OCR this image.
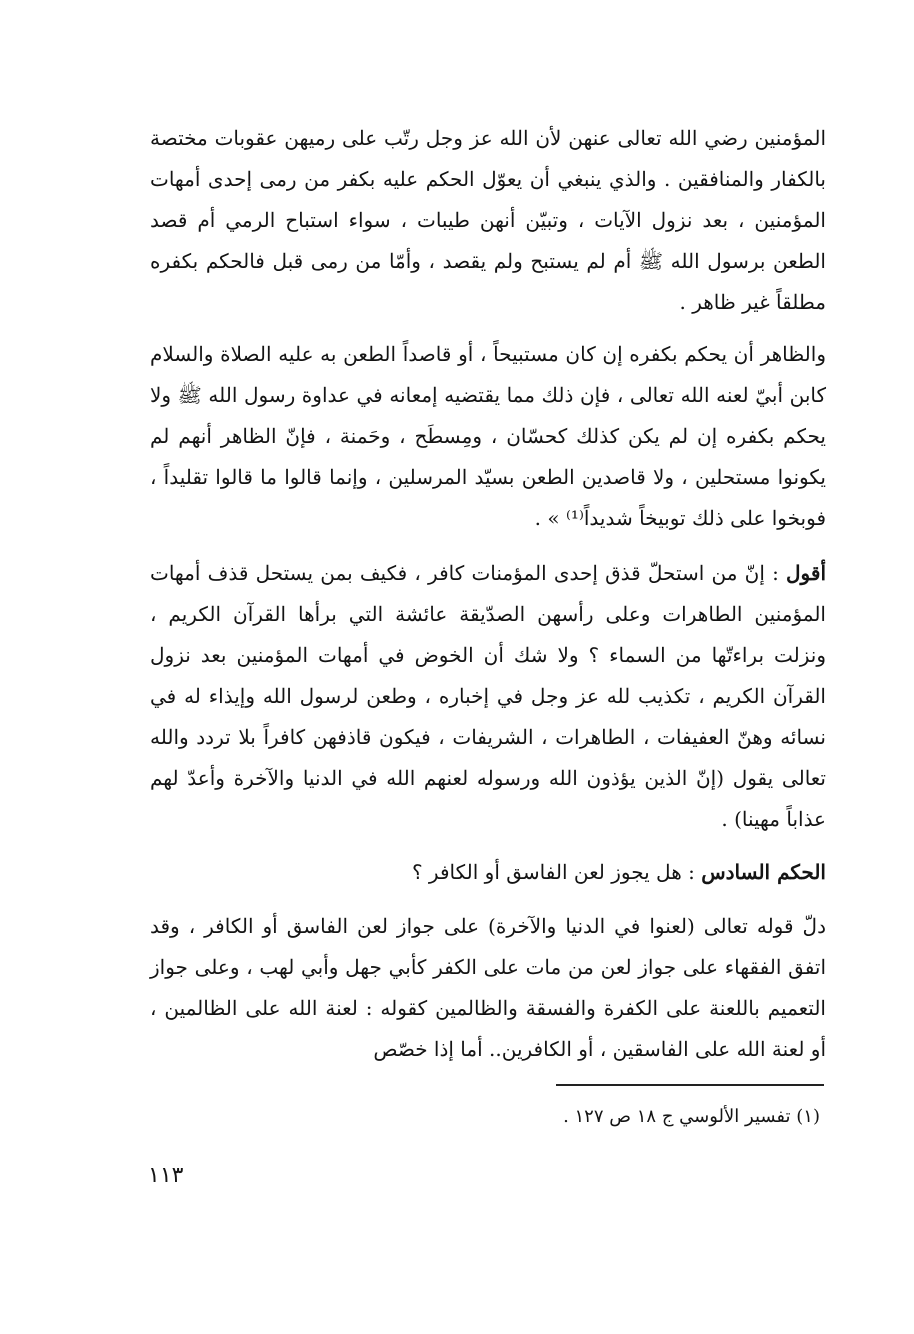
المؤمنين رضي الله تعالى عنهن لأن الله عز وجل رتّب على رميهن عقوبات مختصة بالكفار والمنافقين . والذي ينبغي أن يعوّل الحكم عليه بكفر من رمى إحدى أمهات المؤمنين ، بعد نزول الآيات ، وتبيّن أنهن طيبات ، سواء استباح الرمي أم قصد الطعن برسول الله ﷺ أم لم يستبح ولم يقصد ، وأمّا من رمى قبل فالحكم بكفره مطلقاً غير ظاهر .

والظاهر أن يحكم بكفره إن كان مستبيحاً ، أو قاصداً الطعن به عليه الصلاة والسلام كابن أبيّ لعنه الله تعالى ، فإن ذلك مما يقتضيه إمعانه في عداوة رسول الله ﷺ ولا يحكم بكفره إن لم يكن كذلك كحسّان ، ومِسطَح ، وحَمنة ، فإنّ الظاهر أنهم لم يكونوا مستحلين ، ولا قاصدين الطعن بسيّد المرسلين ، وإنما قالوا ما قالوا تقليداً ، فوبخوا على ذلك توبيخاً شديداً⁽¹⁾ » .

أقول : إنّ من استحلّ قذق إحدى المؤمنات كافر ، فكيف بمن يستحل قذف أمهات المؤمنين الطاهرات وعلى رأسهن الصدّيقة عائشة التي برأها القرآن الكريم ، ونزلت براءتّها من السماء ؟ ولا شك أن الخوض في أمهات المؤمنين بعد نزول القرآن الكريم ، تكذيب لله عز وجل في إخباره ، وطعن لرسول الله وإيذاء له في نسائه وهنّ العفيفات ، الطاهرات ، الشريفات ، فيكون قاذفهن كافراً بلا تردد والله تعالى يقول (إنّ الذين يؤذون الله ورسوله لعنهم الله في الدنيا والآخرة وأعدّ لهم عذاباً مهينا) .

الحكم السادس : هل يجوز لعن الفاسق أو الكافر ؟

دلّ قوله تعالى (لعنوا في الدنيا والآخرة) على جواز لعن الفاسق أو الكافر ، وقد اتفق الفقهاء على جواز لعن من مات على الكفر كأبي جهل وأبي لهب ، وعلى جواز التعميم باللعنة على الكفرة والفسقة والظالمين كقوله : لعنة الله على الظالمين ، أو لعنة الله على الفاسقين ، أو الكافرين.. أما إذا خصّص

(١) تفسير الألوسي ج ١٨ ص ١٢٧ .
١١٣
